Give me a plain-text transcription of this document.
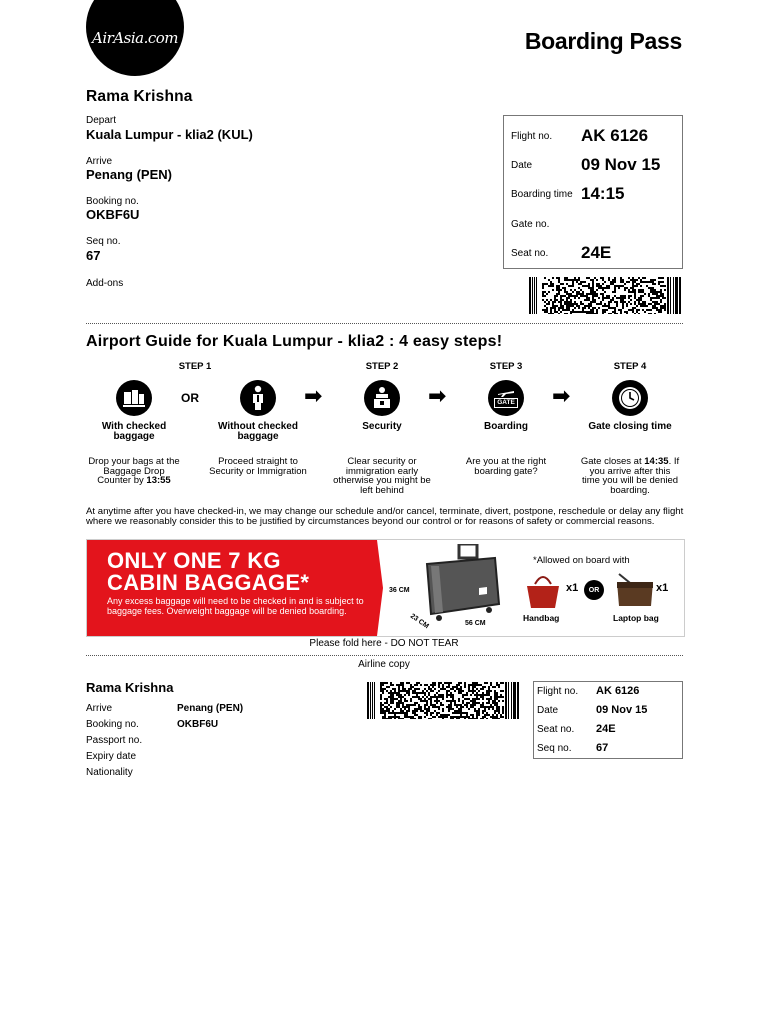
AirAsia.com	Boarding Pass
Rama Krishna
Depart
Kuala Lumpur - klia2 (KUL)
Arrive
Penang (PEN)
Booking no.
OKBF6U
Seq no.
67
Add-ons
Flight no. AK 6126
Date	09 Nov 15
Boarding time 14:15
Gate no.
Seat no. 24E
Airport Guide for Kuala Lumpur - klia2 : 4 easy steps!
STEP 1	STEP 2	STEP 3	STEP 4
OR	➡	➡	GATE ➡
With checked baggage
Without checked baggage
Security	Boarding	Gate closing time
Drop your bags at the Baggage Drop Counter by 13:55
Proceed straight to Security or Immigration
Clear security or immigration early otherwise you might be left behind
Are you at the right boarding gate?
Gate closes at 14:35. If you arrive after this time you will be denied boarding.
At anytime after you have checked-in, we may change our schedule and/or cancel, terminate, divert, postpone, reschedule or delay any flight where we reasonably consider this to be justified by circumstances beyond our control or for reasons of safety or commercial reasons.
ONLY ONE 7 KG
CABIN BAGGAGE*
Any excess baggage will need to be checked in and is subject to baggage fees. Overweight baggage will be denied boarding.
36 CM
56 CM
23 CM
*Allowed on board with
x1	OR	x1
Handbag	Laptop bag
Please fold here - DO NOT TEAR
Airline copy
Rama Krishna
Arrive	Penang (PEN)
Booking no.	OKBF6U
Passport no.
Expiry date
Nationality
Flight no. AK 6126
Date	09 Nov 15
Seat no. 24E
Seq no. 67
